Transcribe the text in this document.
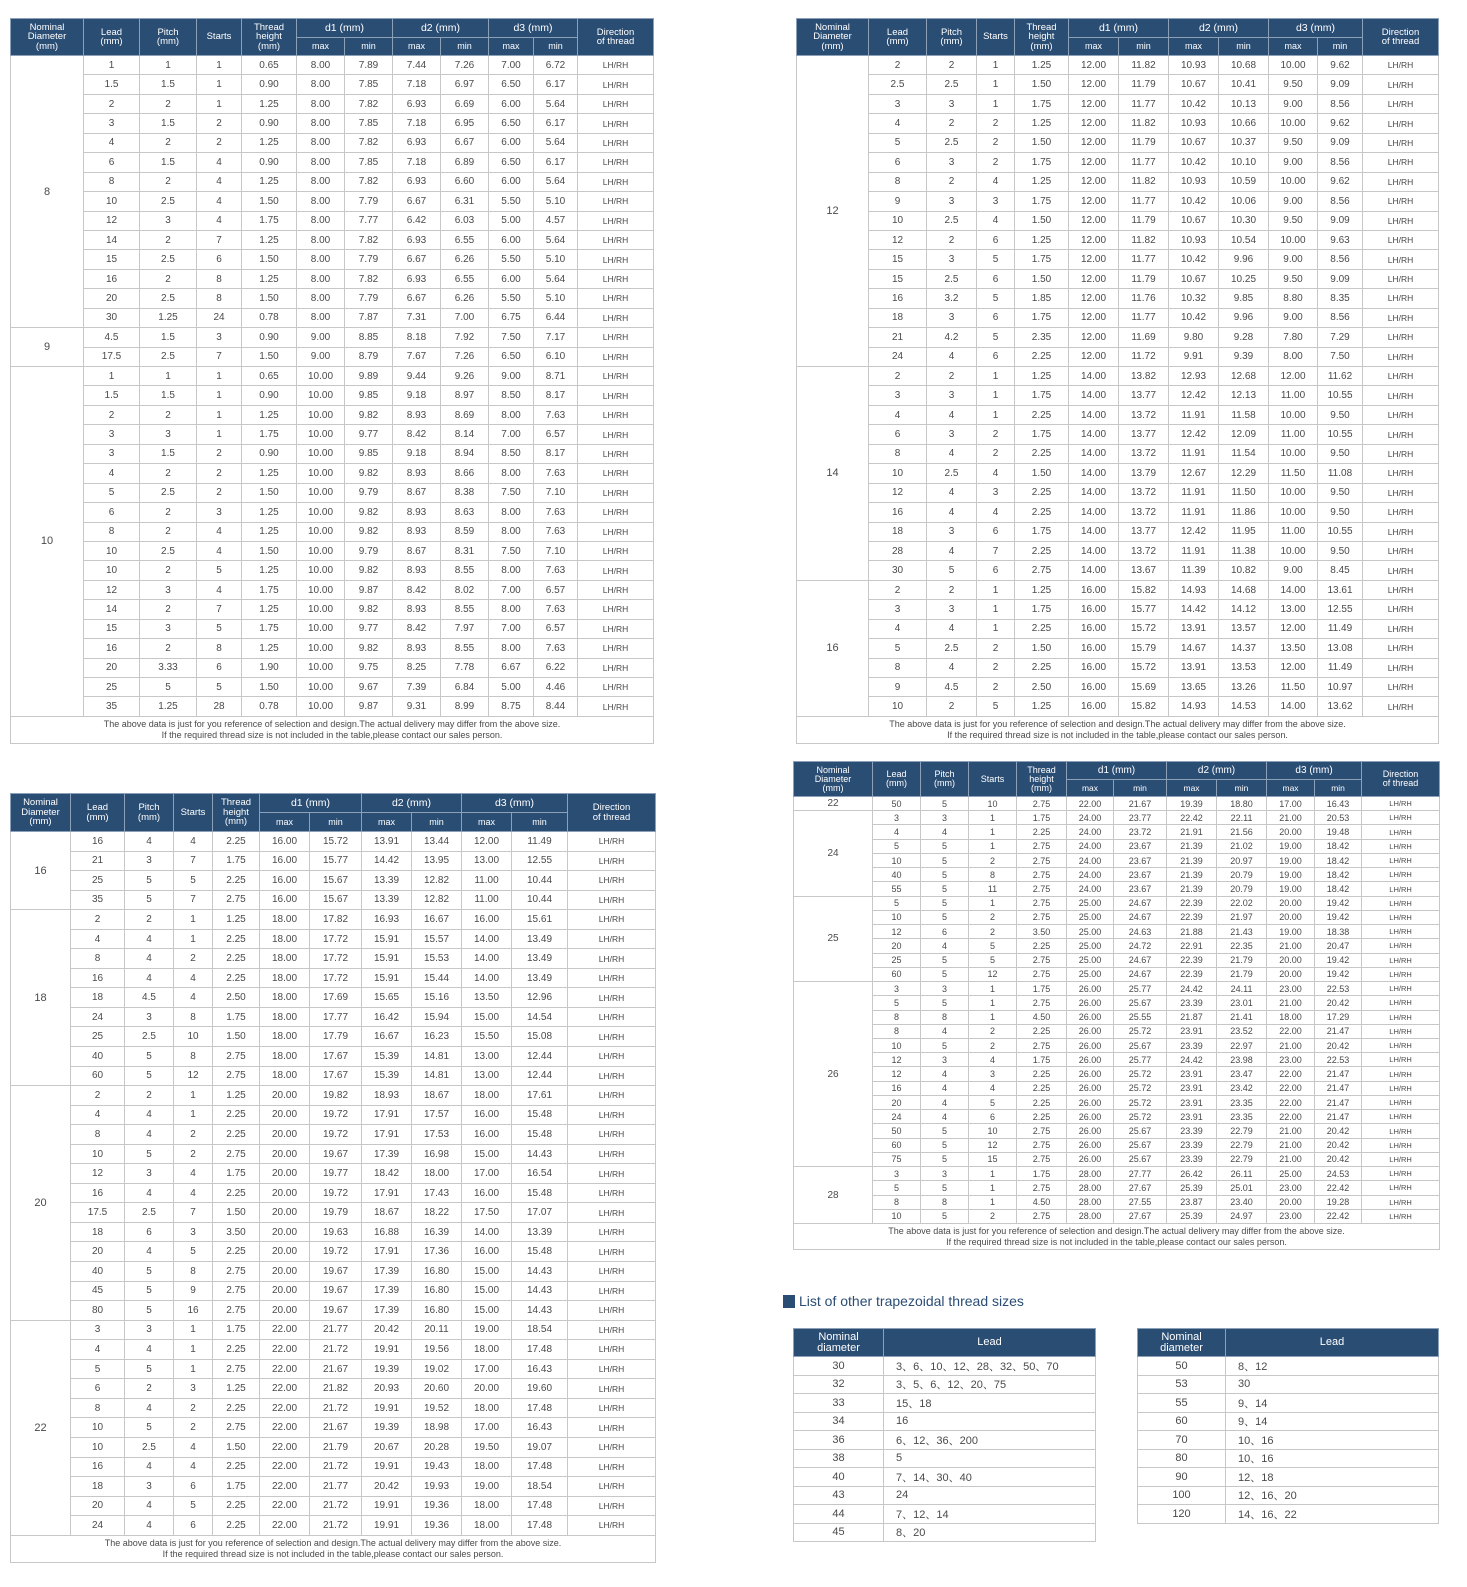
Nominal
Diameter
(mm)	Lead
(mm)	Pitch
(mm)	Starts	Thread
height
(mm)	d1 (mm)		d2 (mm)		d3 (mm)		Direction
of thread

					max	min	max	min	max	min	
8	1	1	1	0.65	8.00	7.89	7.44	7.26	7.00	6.72	LH/RH
	1.5	1.5	1	0.90	8.00	7.85	7.18	6.97	6.50	6.17	LH/RH
	2	2	1	1.25	8.00	7.82	6.93	6.69	6.00	5.64	LH/RH
	3	1.5	2	0.90	8.00	7.85	7.18	6.95	6.50	6.17	LH/RH
	4	2	2	1.25	8.00	7.82	6.93	6.67	6.00	5.64	LH/RH
	6	1.5	4	0.90	8.00	7.85	7.18	6.89	6.50	6.17	LH/RH
	8	2	4	1.25	8.00	7.82	6.93	6.60	6.00	5.64	LH/RH
	10	2.5	4	1.50	8.00	7.79	6.67	6.31	5.50	5.10	LH/RH
	12	3	4	1.75	8.00	7.77	6.42	6.03	5.00	4.57	LH/RH
	14	2	7	1.25	8.00	7.82	6.93	6.55	6.00	5.64	LH/RH
	15	2.5	6	1.50	8.00	7.79	6.67	6.26	5.50	5.10	LH/RH
	16	2	8	1.25	8.00	7.82	6.93	6.55	6.00	5.64	LH/RH
	20	2.5	8	1.50	8.00	7.79	6.67	6.26	5.50	5.10	LH/RH
	30	1.25	24	0.78	8.00	7.87	7.31	7.00	6.75	6.44	LH/RH
9	4.5	1.5	3	0.90	9.00	8.85	8.18	7.92	7.50	7.17	LH/RH
	17.5	2.5	7	1.50	9.00	8.79	7.67	7.26	6.50	6.10	LH/RH
10	1	1	1	0.65	10.00	9.89	9.44	9.26	9.00	8.71	LH/RH
	1.5	1.5	1	0.90	10.00	9.85	9.18	8.97	8.50	8.17	LH/RH
	2	2	1	1.25	10.00	9.82	8.93	8.69	8.00	7.63	LH/RH
	3	3	1	1.75	10.00	9.77	8.42	8.14	7.00	6.57	LH/RH
	3	1.5	2	0.90	10.00	9.85	9.18	8.94	8.50	8.17	LH/RH
	4	2	2	1.25	10.00	9.82	8.93	8.66	8.00	7.63	LH/RH
	5	2.5	2	1.50	10.00	9.79	8.67	8.38	7.50	7.10	LH/RH
	6	2	3	1.25	10.00	9.82	8.93	8.63	8.00	7.63	LH/RH
	8	2	4	1.25	10.00	9.82	8.93	8.59	8.00	7.63	LH/RH
	10	2.5	4	1.50	10.00	9.79	8.67	8.31	7.50	7.10	LH/RH
	10	2	5	1.25	10.00	9.82	8.93	8.55	8.00	7.63	LH/RH
	12	3	4	1.75	10.00	9.87	8.42	8.02	7.00	6.57	LH/RH
	14	2	7	1.25	10.00	9.82	8.93	8.55	8.00	7.63	LH/RH
	15	3	5	1.75	10.00	9.77	8.42	7.97	7.00	6.57	LH/RH
	16	2	8	1.25	10.00	9.82	8.93	8.55	8.00	7.63	LH/RH
	20	3.33	6	1.90	10.00	9.75	8.25	7.78	6.67	6.22	LH/RH
	25	5	5	1.50	10.00	9.67	7.39	6.84	5.00	4.46	LH/RH
	35	1.25	28	0.78	10.00	9.87	9.31	8.99	8.75	8.44	LH/RH

The above data is just for you reference of selection and design.The actual delivery may differ from the above size.
If the required thread size is not included in the table,please contact our sales person.											
Nominal
Diameter
(mm)	Lead
(mm)	Pitch
(mm)	Starts	Thread
height
(mm)	d1 (mm)		d2 (mm)		d3 (mm)		Direction
of thread

					max	min	max	min	max	min	
12	2	2	1	1.25	12.00	11.82	10.93	10.68	10.00	9.62	LH/RH
	2.5	2.5	1	1.50	12.00	11.79	10.67	10.41	9.50	9.09	LH/RH
	3	3	1	1.75	12.00	11.77	10.42	10.13	9.00	8.56	LH/RH
	4	2	2	1.25	12.00	11.82	10.93	10.66	10.00	9.62	LH/RH
	5	2.5	2	1.50	12.00	11.79	10.67	10.37	9.50	9.09	LH/RH
	6	3	2	1.75	12.00	11.77	10.42	10.10	9.00	8.56	LH/RH
	8	2	4	1.25	12.00	11.82	10.93	10.59	10.00	9.62	LH/RH
	9	3	3	1.75	12.00	11.77	10.42	10.06	9.00	8.56	LH/RH
	10	2.5	4	1.50	12.00	11.79	10.67	10.30	9.50	9.09	LH/RH
	12	2	6	1.25	12.00	11.82	10.93	10.54	10.00	9.63	LH/RH
	15	3	5	1.75	12.00	11.77	10.42	9.96	9.00	8.56	LH/RH
	15	2.5	6	1.50	12.00	11.79	10.67	10.25	9.50	9.09	LH/RH
	16	3.2	5	1.85	12.00	11.76	10.32	9.85	8.80	8.35	LH/RH
	18	3	6	1.75	12.00	11.77	10.42	9.96	9.00	8.56	LH/RH
	21	4.2	5	2.35	12.00	11.69	9.80	9.28	7.80	7.29	LH/RH
	24	4	6	2.25	12.00	11.72	9.91	9.39	8.00	7.50	LH/RH
14	2	2	1	1.25	14.00	13.82	12.93	12.68	12.00	11.62	LH/RH
	3	3	1	1.75	14.00	13.77	12.42	12.13	11.00	10.55	LH/RH
	4	4	1	2.25	14.00	13.72	11.91	11.58	10.00	9.50	LH/RH
	6	3	2	1.75	14.00	13.77	12.42	12.09	11.00	10.55	LH/RH
	8	4	2	2.25	14.00	13.72	11.91	11.54	10.00	9.50	LH/RH
	10	2.5	4	1.50	14.00	13.79	12.67	12.29	11.50	11.08	LH/RH
	12	4	3	2.25	14.00	13.72	11.91	11.50	10.00	9.50	LH/RH
	16	4	4	2.25	14.00	13.72	11.91	11.86	10.00	9.50	LH/RH
	18	3	6	1.75	14.00	13.77	12.42	11.95	11.00	10.55	LH/RH
	28	4	7	2.25	14.00	13.72	11.91	11.38	10.00	9.50	LH/RH
	30	5	6	2.75	14.00	13.67	11.39	10.82	9.00	8.45	LH/RH
16	2	2	1	1.25	16.00	15.82	14.93	14.68	14.00	13.61	LH/RH
	3	3	1	1.75	16.00	15.77	14.42	14.12	13.00	12.55	LH/RH
	4	4	1	2.25	16.00	15.72	13.91	13.57	12.00	11.49	LH/RH
	5	2.5	2	1.50	16.00	15.79	14.67	14.37	13.50	13.08	LH/RH
	8	4	2	2.25	16.00	15.72	13.91	13.53	12.00	11.49	LH/RH
	9	4.5	2	2.50	16.00	15.69	13.65	13.26	11.50	10.97	LH/RH
	10	2	5	1.25	16.00	15.82	14.93	14.53	14.00	13.62	LH/RH

The above data is just for you reference of selection and design.The actual delivery may differ from the above size.
If the required thread size is not included in the table,please contact our sales person.											
Nominal
Diameter
(mm)	Lead
(mm)	Pitch
(mm)	Starts	Thread
height
(mm)	d1 (mm)		d2 (mm)		d3 (mm)		Direction
of thread

					max	min	max	min	max	min	
16	16	4	4	2.25	16.00	15.72	13.91	13.44	12.00	11.49	LH/RH
	21	3	7	1.75	16.00	15.77	14.42	13.95	13.00	12.55	LH/RH
	25	5	5	2.25	16.00	15.67	13.39	12.82	11.00	10.44	LH/RH
	35	5	7	2.75	16.00	15.67	13.39	12.82	11.00	10.44	LH/RH
18	2	2	1	1.25	18.00	17.82	16.93	16.67	16.00	15.61	LH/RH
	4	4	1	2.25	18.00	17.72	15.91	15.57	14.00	13.49	LH/RH
	8	4	2	2.25	18.00	17.72	15.91	15.53	14.00	13.49	LH/RH
	16	4	4	2.25	18.00	17.72	15.91	15.44	14.00	13.49	LH/RH
	18	4.5	4	2.50	18.00	17.69	15.65	15.16	13.50	12.96	LH/RH
	24	3	8	1.75	18.00	17.77	16.42	15.94	15.00	14.54	LH/RH
	25	2.5	10	1.50	18.00	17.79	16.67	16.23	15.50	15.08	LH/RH
	40	5	8	2.75	18.00	17.67	15.39	14.81	13.00	12.44	LH/RH
	60	5	12	2.75	18.00	17.67	15.39	14.81	13.00	12.44	LH/RH
20	2	2	1	1.25	20.00	19.82	18.93	18.67	18.00	17.61	LH/RH
	4	4	1	2.25	20.00	19.72	17.91	17.57	16.00	15.48	LH/RH
	8	4	2	2.25	20.00	19.72	17.91	17.53	16.00	15.48	LH/RH
	10	5	2	2.75	20.00	19.67	17.39	16.98	15.00	14.43	LH/RH
	12	3	4	1.75	20.00	19.77	18.42	18.00	17.00	16.54	LH/RH
	16	4	4	2.25	20.00	19.72	17.91	17.43	16.00	15.48	LH/RH
	17.5	2.5	7	1.50	20.00	19.79	18.67	18.22	17.50	17.07	LH/RH
	18	6	3	3.50	20.00	19.63	16.88	16.39	14.00	13.39	LH/RH
	20	4	5	2.25	20.00	19.72	17.91	17.36	16.00	15.48	LH/RH
	40	5	8	2.75	20.00	19.67	17.39	16.80	15.00	14.43	LH/RH
	45	5	9	2.75	20.00	19.67	17.39	16.80	15.00	14.43	LH/RH
	80	5	16	2.75	20.00	19.67	17.39	16.80	15.00	14.43	LH/RH
22	3	3	1	1.75	22.00	21.77	20.42	20.11	19.00	18.54	LH/RH
	4	4	1	2.25	22.00	21.72	19.91	19.56	18.00	17.48	LH/RH
	5	5	1	2.75	22.00	21.67	19.39	19.02	17.00	16.43	LH/RH
	6	2	3	1.25	22.00	21.82	20.93	20.60	20.00	19.60	LH/RH
	8	4	2	2.25	22.00	21.72	19.91	19.52	18.00	17.48	LH/RH
	10	5	2	2.75	22.00	21.67	19.39	18.98	17.00	16.43	LH/RH
	10	2.5	4	1.50	22.00	21.79	20.67	20.28	19.50	19.07	LH/RH
	16	4	4	2.25	22.00	21.72	19.91	19.43	18.00	17.48	LH/RH
	18	3	6	1.75	22.00	21.77	20.42	19.93	19.00	18.54	LH/RH
	20	4	5	2.25	22.00	21.72	19.91	19.36	18.00	17.48	LH/RH
	24	4	6	2.25	22.00	21.72	19.91	19.36	18.00	17.48	LH/RH

The above data is just for you reference of selection and design.The actual delivery may differ from the above size.
If the required thread size is not included in the table,please contact our sales person.											
Nominal
Diameter
(mm)	Lead
(mm)	Pitch
(mm)	Starts	Thread
height
(mm)	d1 (mm)		d2 (mm)		d3 (mm)		Direction
of thread

					max	min	max	min	max	min	
22	50	5	10	2.75	22.00	21.67	19.39	18.80	17.00	16.43	LH/RH
24	3	3	1	1.75	24.00	23.77	22.42	22.11	21.00	20.53	LH/RH
	4	4	1	2.25	24.00	23.72	21.91	21.56	20.00	19.48	LH/RH
	5	5	1	2.75	24.00	23.67	21.39	21.02	19.00	18.42	LH/RH
	10	5	2	2.75	24.00	23.67	21.39	20.97	19.00	18.42	LH/RH
	40	5	8	2.75	24.00	23.67	21.39	20.79	19.00	18.42	LH/RH
	55	5	11	2.75	24.00	23.67	21.39	20.79	19.00	18.42	LH/RH
25	5	5	1	2.75	25.00	24.67	22.39	22.02	20.00	19.42	LH/RH
	10	5	2	2.75	25.00	24.67	22.39	21.97	20.00	19.42	LH/RH
	12	6	2	3.50	25.00	24.63	21.88	21.43	19.00	18.38	LH/RH
	20	4	5	2.25	25.00	24.72	22.91	22.35	21.00	20.47	LH/RH
	25	5	5	2.75	25.00	24.67	22.39	21.79	20.00	19.42	LH/RH
	60	5	12	2.75	25.00	24.67	22.39	21.79	20.00	19.42	LH/RH
26	3	3	1	1.75	26.00	25.77	24.42	24.11	23.00	22.53	LH/RH
	5	5	1	2.75	26.00	25.67	23.39	23.01	21.00	20.42	LH/RH
	8	8	1	4.50	26.00	25.55	21.87	21.41	18.00	17.29	LH/RH
	8	4	2	2.25	26.00	25.72	23.91	23.52	22.00	21.47	LH/RH
	10	5	2	2.75	26.00	25.67	23.39	22.97	21.00	20.42	LH/RH
	12	3	4	1.75	26.00	25.77	24.42	23.98	23.00	22.53	LH/RH
	12	4	3	2.25	26.00	25.72	23.91	23.47	22.00	21.47	LH/RH
	16	4	4	2.25	26.00	25.72	23.91	23.42	22.00	21.47	LH/RH
	20	4	5	2.25	26.00	25.72	23.91	23.35	22.00	21.47	LH/RH
	24	4	6	2.25	26.00	25.72	23.91	23.35	22.00	21.47	LH/RH
	50	5	10	2.75	26.00	25.67	23.39	22.79	21.00	20.42	LH/RH
	60	5	12	2.75	26.00	25.67	23.39	22.79	21.00	20.42	LH/RH
	75	5	15	2.75	26.00	25.67	23.39	22.79	21.00	20.42	LH/RH
28	3	3	1	1.75	28.00	27.77	26.42	26.11	25.00	24.53	LH/RH
	5	5	1	2.75	28.00	27.67	25.39	25.01	23.00	22.42	LH/RH
	8	8	1	4.50	28.00	27.55	23.87	23.40	20.00	19.28	LH/RH
	10	5	2	2.75	28.00	27.67	25.39	24.97	23.00	22.42	LH/RH

The above data is just for you reference of selection and design.The actual delivery may differ from the above size.
If the required thread size is not included in the table,please contact our sales person.											
List of other trapezoidal thread sizes
Nominal
diameter	Lead
30	3、6、10、12、28、32、50、70
32	3、5、6、12、20、75
33	15、18
34	16
36	6、12、36、200
38	5
40	7、14、30、40
43	24
44	7、12、14
45	8、20
Nominal
diameter	Lead
50	8、12
53	30
55	9、14
60	9、14
70	10、16
80	10、16
90	12、18
100	12、16、20
120	14、16、22
